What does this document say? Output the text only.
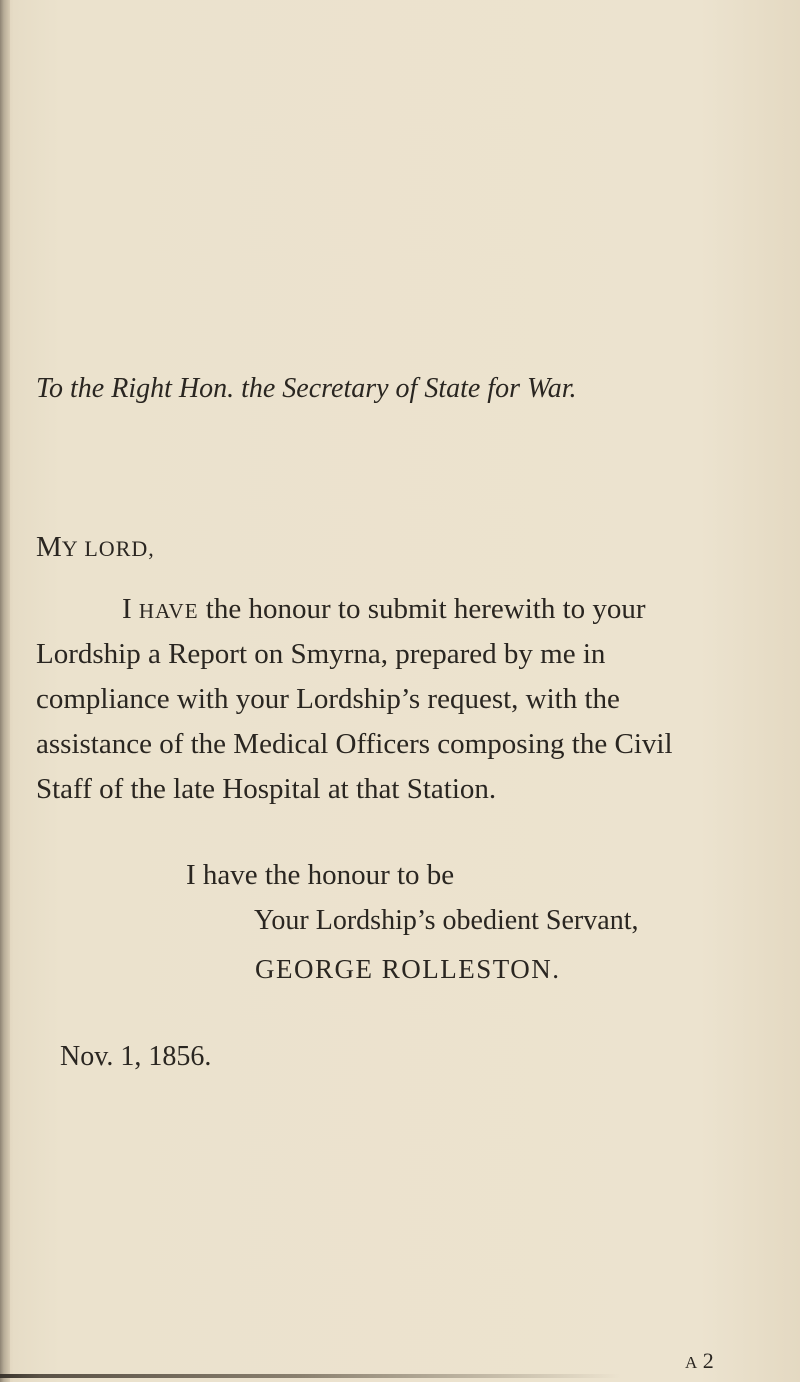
To the Right Hon. the Secretary of State for War.
MY LORD,
I HAVE the honour to submit herewith to your
Lordship a Report on Smyrna, prepared by me in
compliance with your Lordship’s request, with the
assistance of the Medical Officers composing the Civil
Staff of the late Hospital at that Station.
I have the honour to be
Your Lordship’s obedient Servant,
GEORGE ROLLESTON.
Nov. 1, 1856.
A 2
